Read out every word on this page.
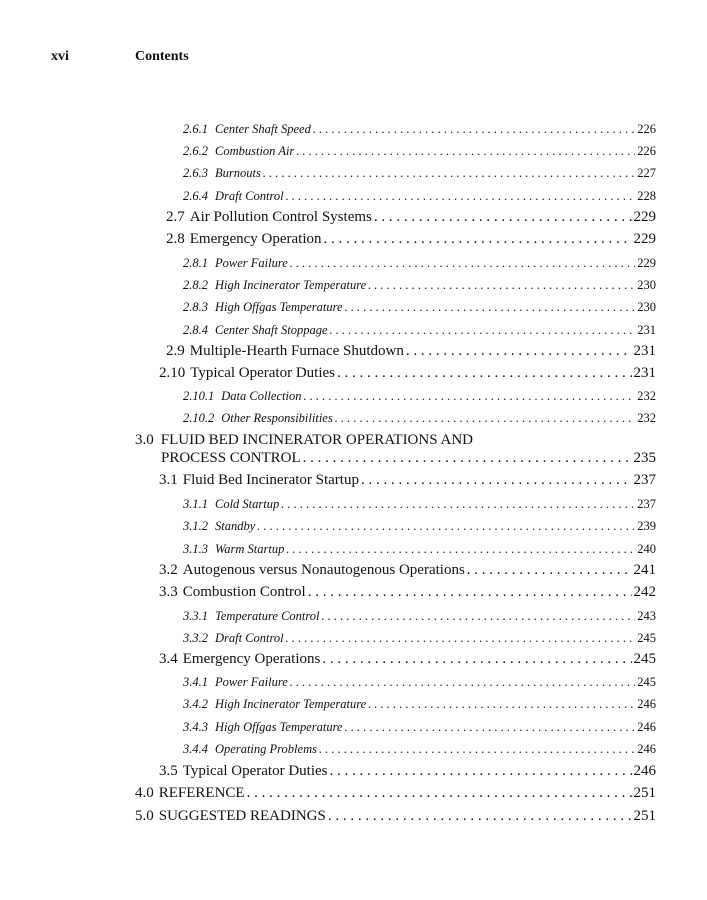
xvi	Contents
2.6.1 Center Shaft Speed . . .	226
2.6.2 Combustion Air . . .	226
2.6.3 Burnouts . . .	227
2.6.4 Draft Control . . .	228
2.7 Air Pollution Control Systems . . .	229
2.8 Emergency Operation . . .	229
2.8.1 Power Failure . . .	229
2.8.2 High Incinerator Temperature . . .	230
2.8.3 High Offgas Temperature . . .	230
2.8.4 Center Shaft Stoppage . . .	231
2.9 Multiple-Hearth Furnace Shutdown . . .	231
2.10 Typical Operator Duties . . .	231
2.10.1 Data Collection . . .	232
2.10.2 Other Responsibilities . . .	232
3.0 FLUID BED INCINERATOR OPERATIONS AND
PROCESS CONTROL . . .	235
3.1 Fluid Bed Incinerator Startup . . .	237
3.1.1 Cold Startup . . .	237
3.1.2 Standby . . .	239
3.1.3 Warm Startup . . .	240
3.2 Autogenous versus Nonautogenous Operations . . .	241
3.3 Combustion Control . . .	242
3.3.1 Temperature Control . . .	243
3.3.2 Draft Control . . .	245
3.4 Emergency Operations . . .	245
3.4.1 Power Failure . . .	245
3.4.2 High Incinerator Temperature . . .	246
3.4.3 High Offgas Temperature . . .	246
3.4.4 Operating Problems . . .	246
3.5 Typical Operator Duties . . .	246
4.0 REFERENCE . . .	251
5.0 SUGGESTED READINGS . . .	251
